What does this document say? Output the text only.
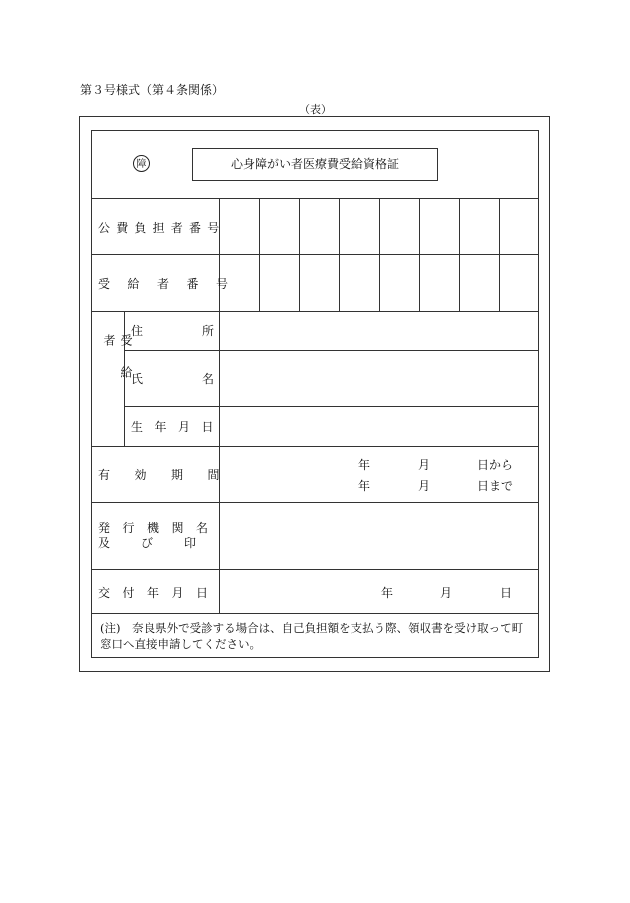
第３号様式（第４条関係）
（表）
障	心身障がい者医療費受給資格証
公費負担者番号
受給者番号
受給者
住所
氏名
生年月日
有効期間
年	月	日から
年	月	日まで
発行機関名
及び印
交付年月日	年	月	日
(注) 奈良県外で受診する場合は、自己負担額を支払う際、領収書を受け取って町窓口へ直接申請してください。
